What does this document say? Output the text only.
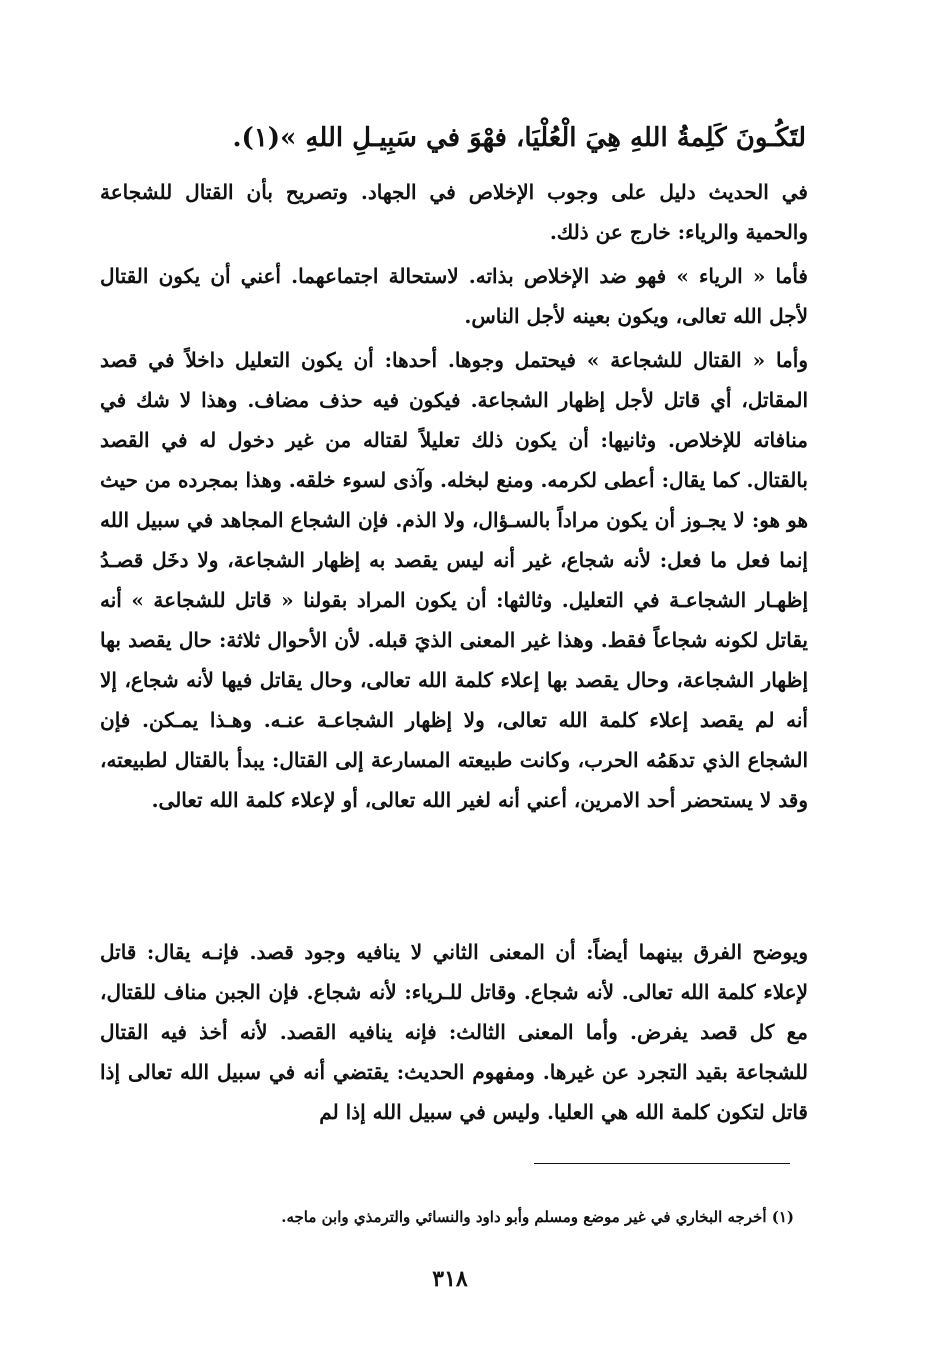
لتَكُـونَ كَلِمةُ اللهِ هِيَ الْعُلْيَا، فهْوَ في سَبِيـلِ اللهِ »(١).

في الحديث دليل على وجوب الإخلاص في الجهاد. وتصريح بأن القتال للشجاعة والحمية والرياء: خارج عن ذلك.

فأما « الرياء » فهو ضد الإخلاص بذاته. لاستحالة اجتماعهما. أعني أن يكون القتال لأجل الله تعالى، ويكون بعينه لأجل الناس.

وأما « القتال للشجاعة » فيحتمل وجوها. أحدها: أن يكون التعليل داخلاً في قصد المقاتل، أي قاتل لأجل إظهار الشجاعة. فيكون فيه حذف مضاف. وهذا لا شك في منافاته للإخلاص. وثانيها: أن يكون ذلك تعليلاً لقتاله من غير دخول له في القصد بالقتال. كما يقال: أعطى لكرمه. ومنع لبخله. وآذى لسوء خلقه. وهذا بمجرده من حيث هو هو: لا يجـوز أن يكون مراداً بالسـؤال، ولا الذم. فإن الشجاع المجاهد في سبيل الله إنما فعل ما فعل: لأنه شجاع، غير أنه ليس يقصد به إظهار الشجاعة، ولا دخَل قصـدُ إظهـار الشجاعـة في التعليل. وثالثها: أن يكون المراد بقولنا « قاتل للشجاعة » أنه يقاتل لكونه شجاعاً فقط. وهذا غير المعنى الذيَ قبله. لأن الأحوال ثلاثة: حال يقصد بها إظهار الشجاعة، وحال يقصد بها إعلاء كلمة الله تعالى، وحال يقاتل فيها لأنه شجاع، إلا أنه لم يقصد إعلاء كلمة الله تعالى، ولا إظهار الشجاعـة عنـه. وهـذا يمـكن. فإن الشجاع الذي تدهَمُه الحرب، وكانت طبيعته المسارعة إلى القتال: يبدأ بالقتال لطبيعته، وقد لا يستحضر أحد الامرين، أعني أنه لغير الله تعالى، أو لإعلاء كلمة الله تعالى.

ويوضح الفرق بينهما أيضاً: أن المعنى الثاني لا ينافيه وجود قصد. فإنـه يقال: قاتل لإعلاء كلمة الله تعالى. لأنه شجاع. وقاتل للـرياء: لأنه شجاع. فإن الجبن مناف للقتال، مع كل قصد يفرض. وأما المعنى الثالث: فإنه ينافيه القصد. لأنه أخذ فيه القتال للشجاعة بقيد التجرد عن غيرها. ومفهوم الحديث: يقتضي أنه في سبيل الله تعالى إذا قاتل لتكون كلمة الله هي العليا. وليس في سبيل الله إذا لم

(١) أخرجه البخاري في غير موضع ومسلم وأبو داود والنسائي والترمذي وابن ماجه.
٣١٨
